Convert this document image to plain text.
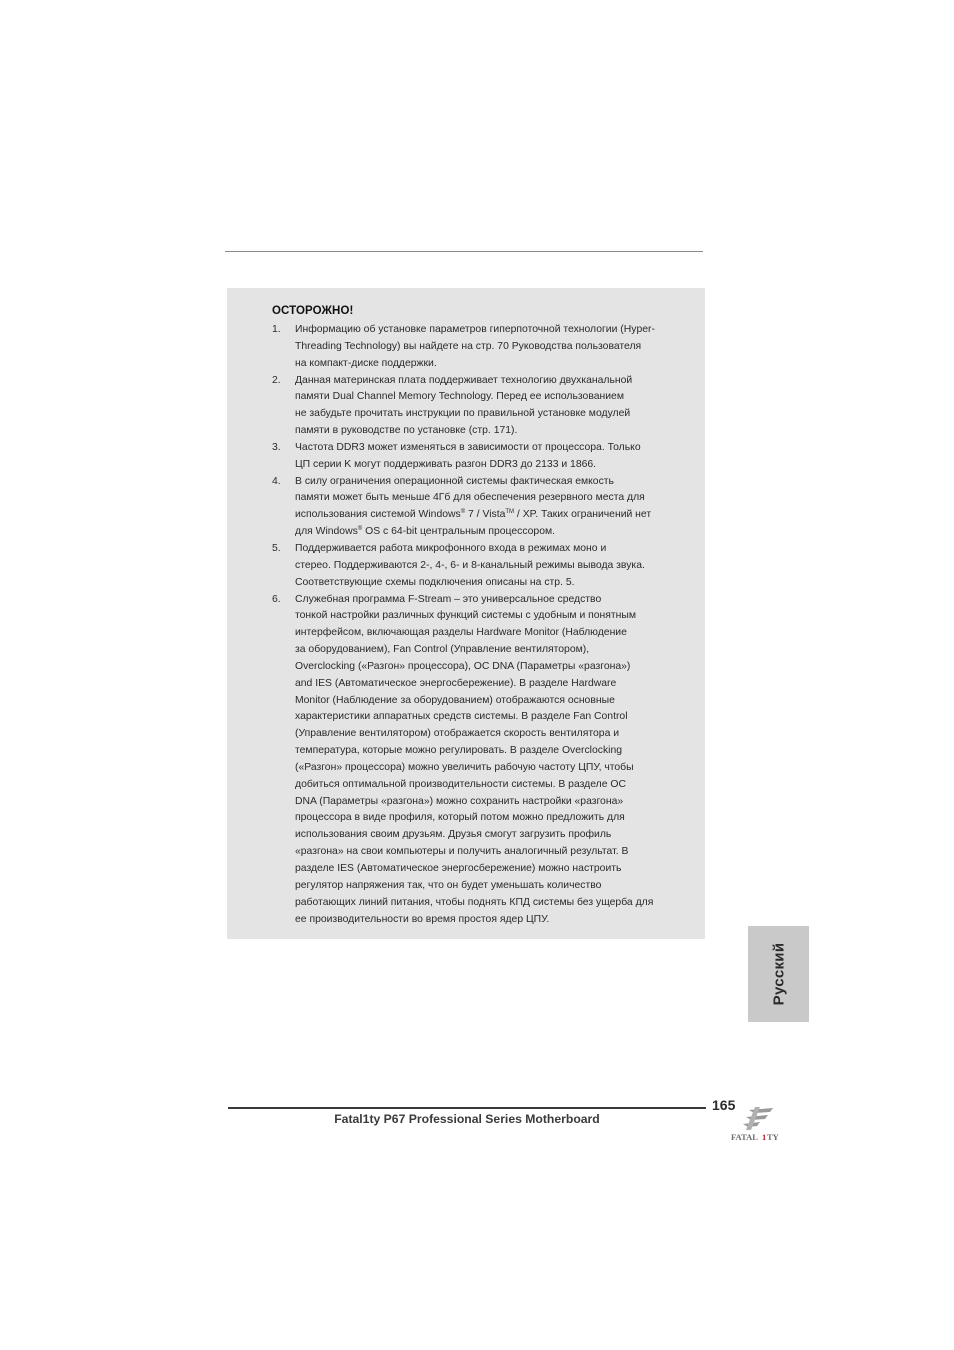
ОСТОРОЖНО!
1. Информацию об установке параметров гиперпоточной технологии (Hyper-
Threading Technology) вы найдете на стр. 70 Руководства пользователя
на компакт-диске поддержки.
2. Данная материнская плата поддерживает технологию двухканальной
памяти Dual Channel Memory Technology. Перед ее использованием
не забудьте прочитать инструкции по правильной установке модулей
памяти в руководстве по установке (стр. 171).
3. Частота DDR3 может изменяться в зависимости от процессора. Только
ЦП серии K могут поддерживать разгон DDR3 до 2133 и 1866.
4. В силу ограничения операционной системы фактическая емкость
памяти может быть меньше 4Гб для обеспечения резервного места для
использования системой Windows® 7 / Vista™ / XP. Таких ограничений нет
для Windows® OS с 64-bit центральным процессором.
5. Поддерживается работа микрофонного входа в режимах моно и
стерео. Поддерживаются 2-, 4-, 6- и 8-канальный режимы вывода звука.
Соответствующие схемы подключения описаны на стр. 5.
6. Служебная программа F-Stream – это универсальное средство
тонкой настройки различных функций системы с удобным и понятным
интерфейсом, включающая разделы Hardware Monitor (Наблюдение
за оборудованием), Fan Control (Управление вентилятором),
Overclocking («Разгон» процессора), OC DNA (Параметры «разгона»)
and IES (Автоматическое энергосбережение). В разделе Hardware
Monitor (Наблюдение за оборудованием) отображаются основные
характеристики аппаратных средств системы. В разделе Fan Control
(Управление вентилятором) отображается скорость вентилятора и
температура, которые можно регулировать. В разделе Overclocking
(«Разгон» процессора) можно увеличить рабочую частоту ЦПУ, чтобы
добиться оптимальной производительности системы. В разделе OC
DNA (Параметры «разгона») можно сохранить настройки «разгона»
процессора в виде профиля, который потом можно предложить для
использования своим друзьям. Друзья смогут загрузить профиль
«разгона» на свои компьютеры и получить аналогичный результат. В
разделе IES (Автоматическое энергосбережение) можно настроить
регулятор напряжения так, что он будет уменьшать количество
работающих линий питания, чтобы поднять КПД системы без ущерба для
ее производительности во время простоя ядер ЦПУ.
Русский
Fatal1ty P67 Professional Series Motherboard
165
FATAL 1 TY
